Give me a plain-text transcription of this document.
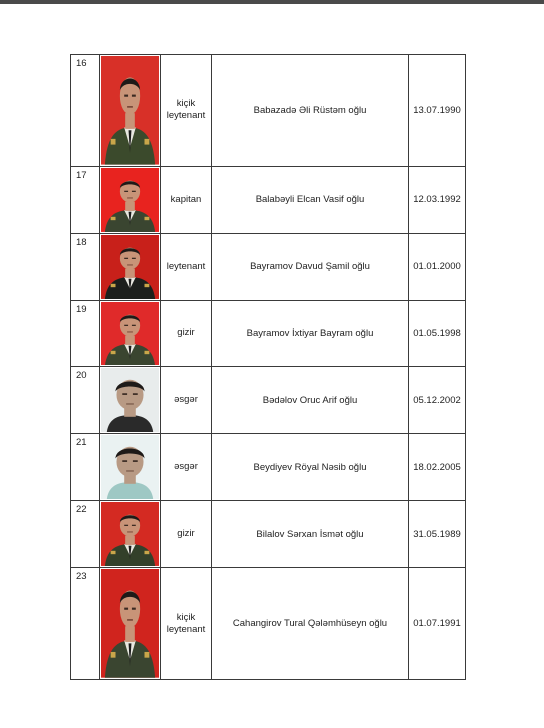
16		kiçik leytenant	Babazadə Əli Rüstəm oğlu	13.07.1990
17		kapitan	Balabəyli Elcan Vasif oğlu	12.03.1992
18		leytenant	Bayramov Davud Şamil oğlu	01.01.2000
19		gizir	Bayramov İxtiyar Bayram oğlu	01.05.1998
20		əsgər	Bədəlov Oruc Arif oğlu	05.12.2002
21		əsgər	Beydiyev Röyal Nəsib oğlu	18.02.2005
22		gizir	Bilalov Sərxan İsmət oğlu	31.05.1989
23		kiçik leytenant	Cahangirov Tural Qələmhüseyn oğlu	01.07.1991
